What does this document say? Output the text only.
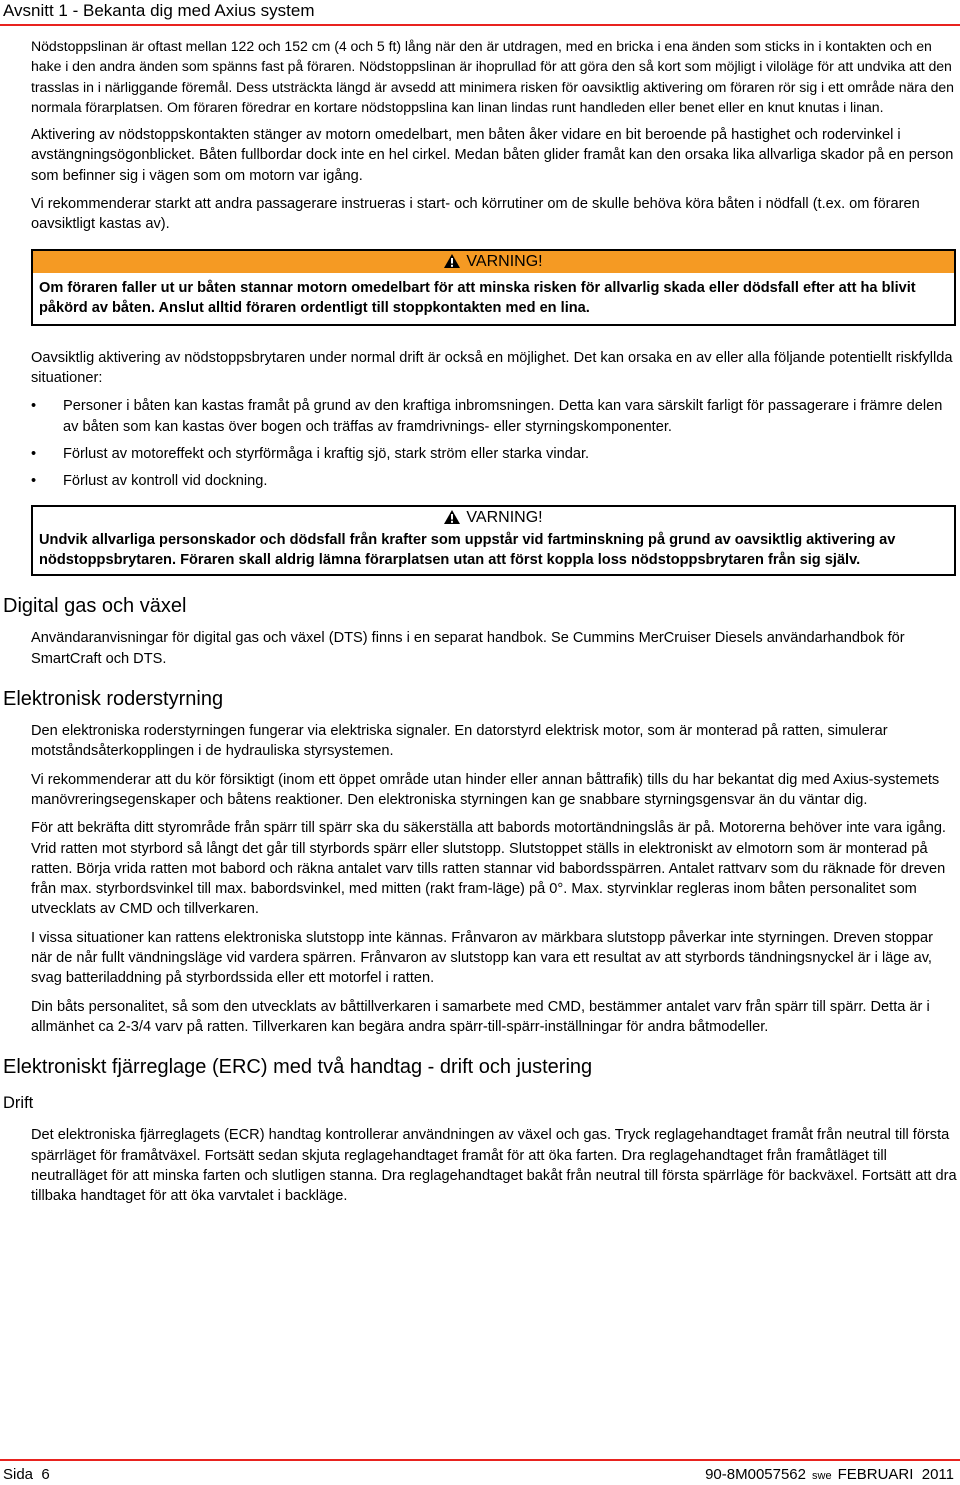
Avsnitt 1 - Bekanta dig med Axius system

Nödstoppslinan är oftast mellan 122 och 152 cm (4 och 5 ft) lång när den är utdragen, med en bricka i ena änden som sticks in i kontakten och en hake i den andra änden som spänns fast på föraren. Nödstoppslinan är ihoprullad för att göra den så kort som möjligt i viloläge för att undvika att den trasslas in i närliggande föremål. Dess utsträckta längd är avsedd att minimera risken för oavsiktlig aktivering om föraren rör sig i ett område nära den normala förarplatsen. Om föraren föredrar en kortare nödstoppslina kan linan lindas runt handleden eller benet eller en knut knutas i linan.

Aktivering av nödstoppskontakten stänger av motorn omedelbart, men båten åker vidare en bit beroende på hastighet och rodervinkel i avstängningsögonblicket. Båten fullbordar dock inte en hel cirkel. Medan båten glider framåt kan den orsaka lika allvarliga skador på en person som befinner sig i vägen som om motorn var igång.

Vi rekommenderar starkt att andra passagerare instrueras i start- och körrutiner om de skulle behöva köra båten i nödfall (t.ex. om föraren oavsiktligt kastas av).

VARNING!
Om föraren faller ut ur båten stannar motorn omedelbart för att minska risken för allvarlig skada eller dödsfall efter att ha blivit påkörd av båten. Anslut alltid föraren ordentligt till stoppkontakten med en lina.

Oavsiktlig aktivering av nödstoppsbrytaren under normal drift är också en möjlighet. Det kan orsaka en av eller alla följande potentiellt riskfyllda situationer:

• Personer i båten kan kastas framåt på grund av den kraftiga inbromsningen. Detta kan vara särskilt farligt för passagerare i främre delen av båten som kan kastas över bogen och träffas av framdrivnings- eller styrningskomponenter.
• Förlust av motoreffekt och styrförmåga i kraftig sjö, stark ström eller starka vindar.
• Förlust av kontroll vid dockning.
VARNING!
Undvik allvarliga personskador och dödsfall från krafter som uppstår vid fartminskning på grund av oavsiktlig aktivering av nödstoppsbrytaren. Föraren skall aldrig lämna förarplatsen utan att först koppla loss nödstoppsbrytaren från sig själv.
Digital gas och växel

Användaranvisningar för digital gas och växel (DTS) finns i en separat handbok. Se Cummins MerCruiser Diesels användarhandbok för SmartCraft och DTS.

Elektronisk roderstyrning

Den elektroniska roderstyrningen fungerar via elektriska signaler. En datorstyrd elektrisk motor, som är monterad på ratten, simulerar motståndsåterkopplingen i de hydrauliska styrsystemen.

Vi rekommenderar att du kör försiktigt (inom ett öppet område utan hinder eller annan båttrafik) tills du har bekantat dig med Axius-systemets manövreringsegenskaper och båtens reaktioner. Den elektroniska styrningen kan ge snabbare styrningsgensvar än du väntar dig.

För att bekräfta ditt styrområde från spärr till spärr ska du säkerställa att babords motortändningslås är på. Motorerna behöver inte vara igång. Vrid ratten mot styrbord så långt det går till styrbords spärr eller slutstopp. Slutstoppet ställs in elektroniskt av elmotorn som är monterad på ratten. Börja vrida ratten mot babord och räkna antalet varv tills ratten stannar vid babordsspärren. Antalet rattvarv som du räknade för dreven från max. styrbordsvinkel till max. babordsvinkel, med mitten (rakt fram-läge) på 0°. Max. styrvinklar regleras inom båten personalitet som utvecklats av CMD och tillverkaren.

I vissa situationer kan rattens elektroniska slutstopp inte kännas. Frånvaron av märkbara slutstopp påverkar inte styrningen. Dreven stoppar när de når fullt vändningsläge vid vardera spärren. Frånvaron av slutstopp kan vara ett resultat av att styrbords tändningsnyckel är i läge av, svag batteriladdning på styrbordssida eller ett motorfel i ratten.

Din båts personalitet, så som den utvecklats av båttillverkaren i samarbete med CMD, bestämmer antalet varv från spärr till spärr. Detta är i allmänhet ca 2-3/4 varv på ratten. Tillverkaren kan begära andra spärr-till-spärr-inställningar för andra båtmodeller.

Elektroniskt fjärreglage (ERC) med två handtag - drift och justering
Drift

Det elektroniska fjärreglagets (ECR) handtag kontrollerar användningen av växel och gas. Tryck reglagehandtaget framåt från neutral till första spärrläget för framåtväxel. Fortsätt sedan skjuta reglagehandtaget framåt för att öka farten. Dra reglagehandtaget från framåtläget till neutralläget för att minska farten och slutligen stanna. Dra reglagehandtaget bakåt från neutral till första spärrläge för backväxel. Fortsätt att dra tillbaka handtaget för att öka varvtalet i backläge.

Sida  6	90-8M0057562 swe FEBRUARI  2011
